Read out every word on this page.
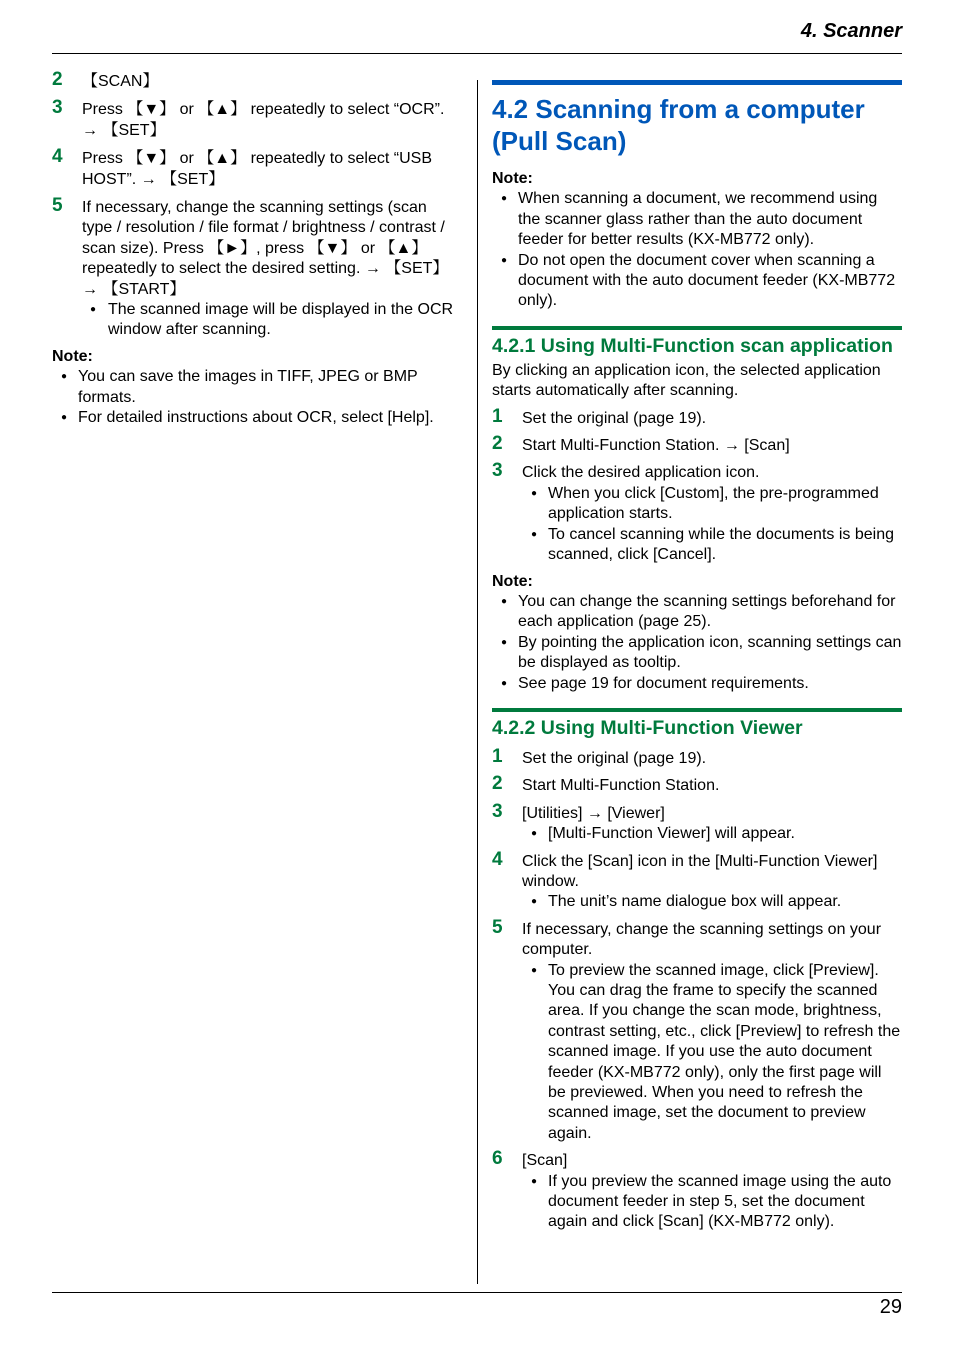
4. Scanner
2 【SCAN】
3 Press 【▼】 or 【▲】 repeatedly to select “OCR”. → 【SET】
4 Press 【▼】 or 【▲】 repeatedly to select “USB HOST”. → 【SET】
5 If necessary, change the scanning settings (scan type / resolution / file format / brightness / contrast / scan size). Press 【►】, press 【▼】 or 【▲】 repeatedly to select the desired setting. → 【SET】 → 【START】
● The scanned image will be displayed in the OCR window after scanning.
Note:
● You can save the images in TIFF, JPEG or BMP formats.
● For detailed instructions about OCR, select [Help].
4.2 Scanning from a computer (Pull Scan)
Note:
● When scanning a document, we recommend using the scanner glass rather than the auto document feeder for better results (KX-MB772 only).
● Do not open the document cover when scanning a document with the auto document feeder (KX-MB772 only).
4.2.1 Using Multi-Function scan application
By clicking an application icon, the selected application starts automatically after scanning.
1 Set the original (page 19).
2 Start Multi-Function Station. → [Scan]
3 Click the desired application icon.
● When you click [Custom], the pre-programmed application starts.
● To cancel scanning while the documents is being scanned, click [Cancel].
Note:
● You can change the scanning settings beforehand for each application (page 25).
● By pointing the application icon, scanning settings can be displayed as tooltip.
● See page 19 for document requirements.
4.2.2 Using Multi-Function Viewer
1 Set the original (page 19).
2 Start Multi-Function Station.
3 [Utilities] → [Viewer]
● [Multi-Function Viewer] will appear.
4 Click the [Scan] icon in the [Multi-Function Viewer] window.
● The unit’s name dialogue box will appear.
5 If necessary, change the scanning settings on your computer.
● To preview the scanned image, click [Preview]. You can drag the frame to specify the scanned area. If you change the scan mode, brightness, contrast setting, etc., click [Preview] to refresh the scanned image. If you use the auto document feeder (KX-MB772 only), only the first page will be previewed. When you need to refresh the scanned image, set the document to preview again.
6 [Scan]
● If you preview the scanned image using the auto document feeder in step 5, set the document again and click [Scan] (KX-MB772 only).
29
